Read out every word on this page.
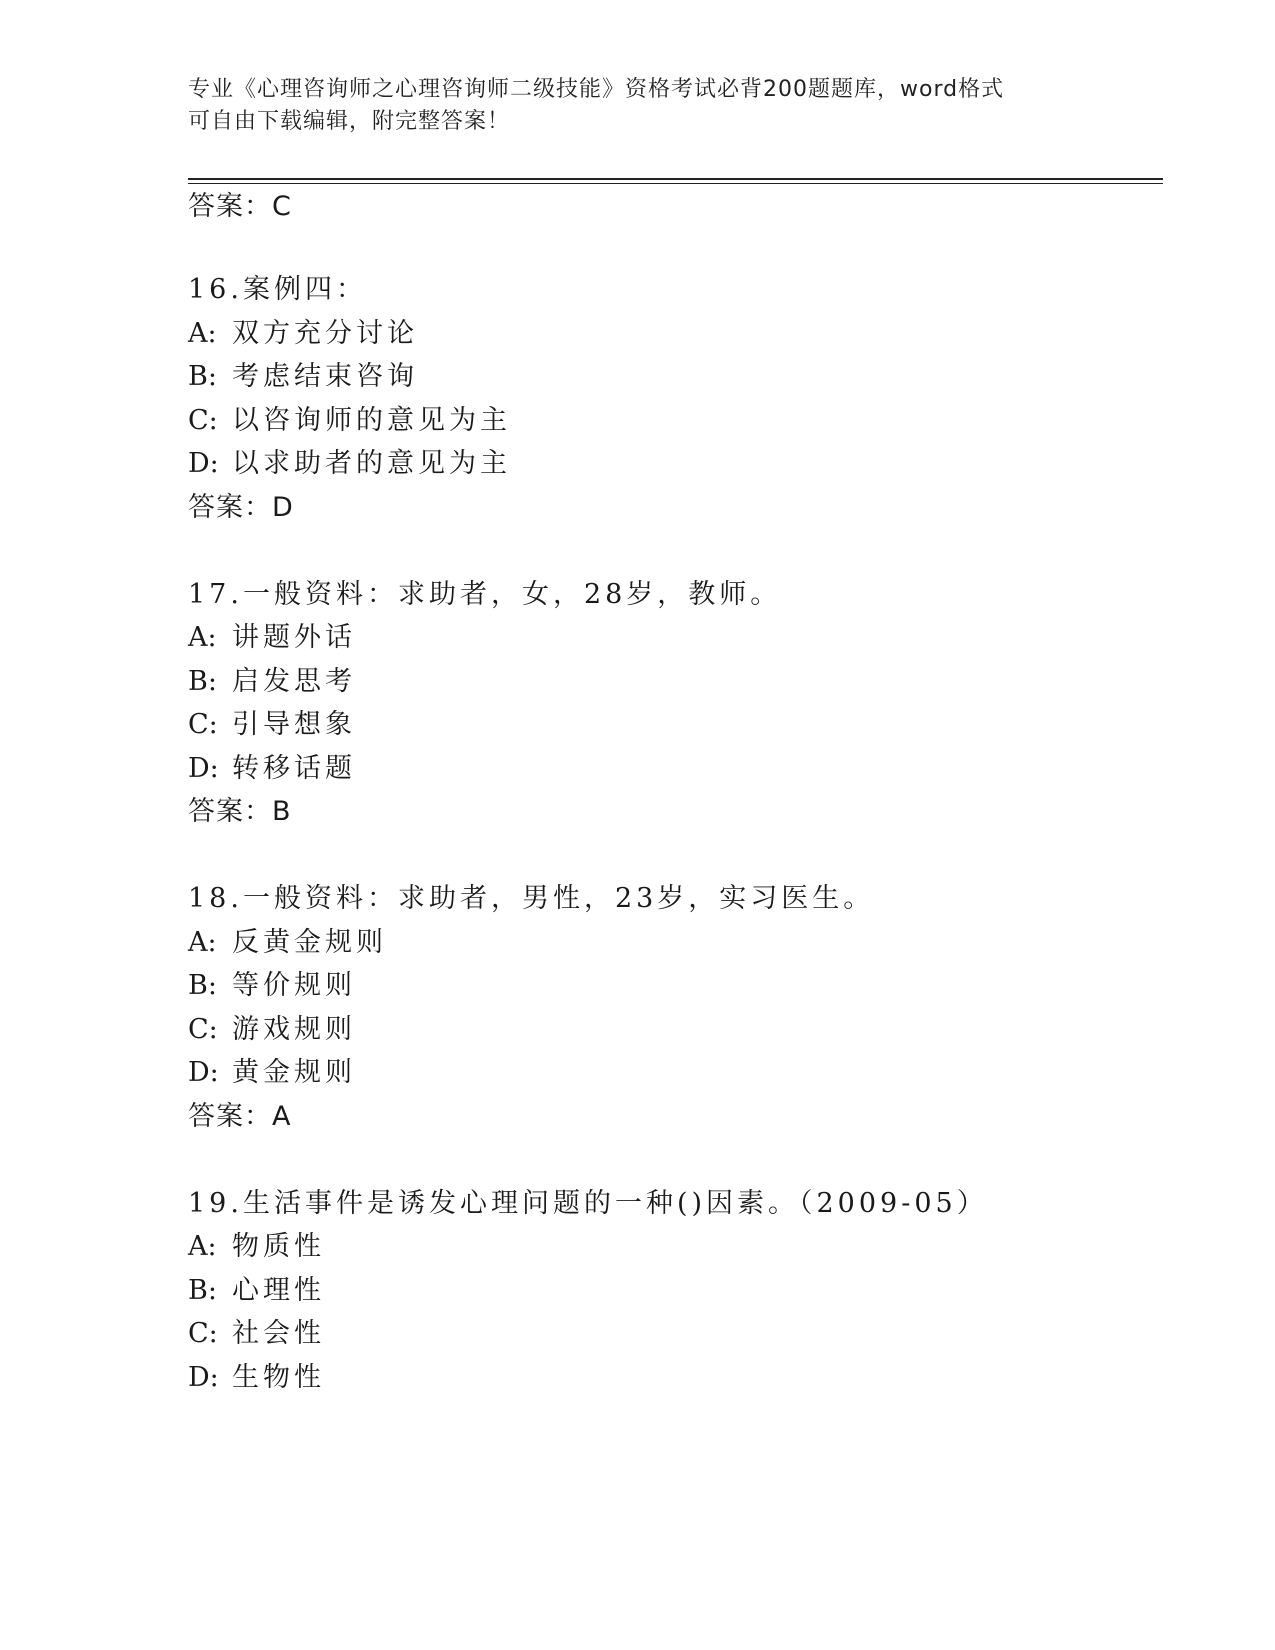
专业《心理咨询师之心理咨询师二级技能》资格考试必背200题题库，word格式
可自由下载编辑，附完整答案！
答案：C
16.案例四：
A: 双方充分讨论
B: 考虑结束咨询
C: 以咨询师的意见为主
D: 以求助者的意见为主
答案：D
17.一般资料：求助者，女，28岁，教师。
A: 讲题外话
B: 启发思考
C: 引导想象
D: 转移话题
答案：B
18.一般资料：求助者，男性，23岁，实习医生。
A: 反黄金规则
B: 等价规则
C: 游戏规则
D: 黄金规则
答案：A
19.生活事件是诱发心理问题的一种()因素。（2009-05）
A: 物质性
B: 心理性
C: 社会性
D: 生物性
